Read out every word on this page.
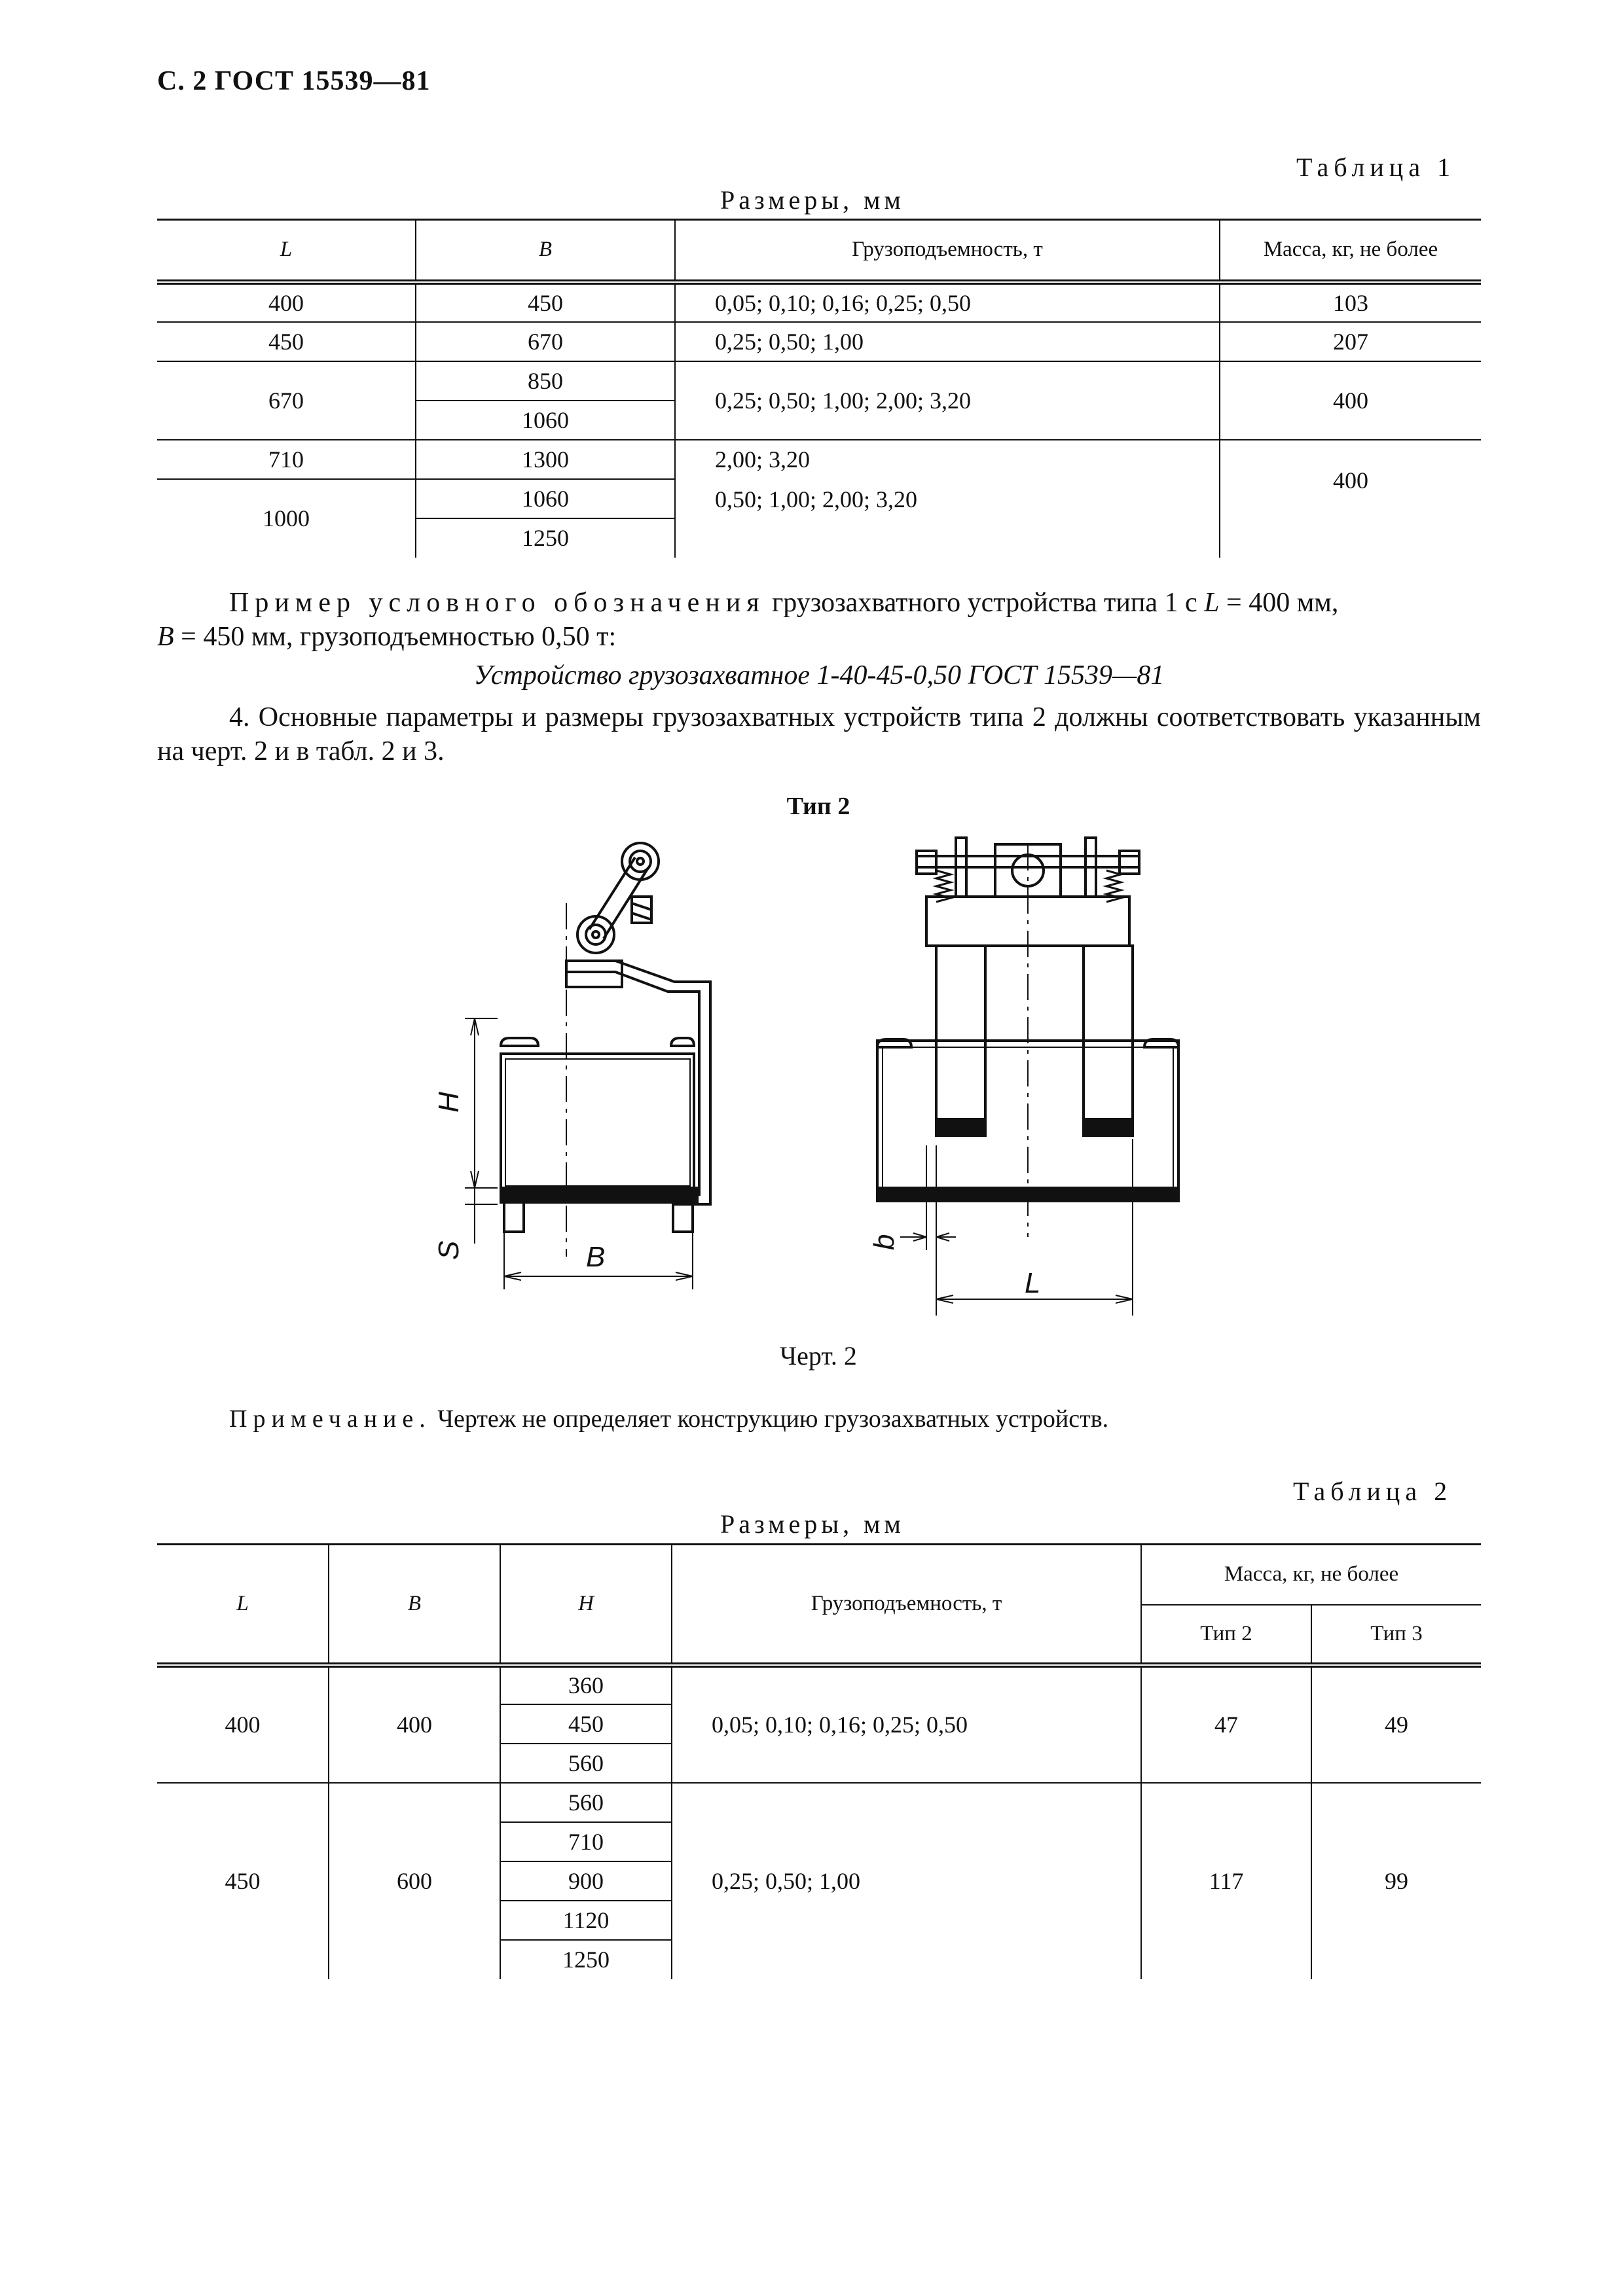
С. 2 ГОСТ 15539—81
Таблица 1
Размеры, мм
L	B	Грузоподъемность, т	Масса, кг, не более
400	450	0,05; 0,10; 0,16; 0,25; 0,50	103
450	670	0,25; 0,50; 1,00	207
670	850	0,25; 0,50; 1,00; 2,00; 3,20	400
	1060		
710	1300	2,00; 3,20	400
1000	1060	0,50; 1,00; 2,00; 3,20	
	1250		
Пример условного обозначения грузозахватного устройства типа 1 с L = 400 мм,
B = 450 мм, грузоподъемностью 0,50 т:
Устройство грузозахватное 1-40-45-0,50 ГОСТ 15539—81
4. Основные параметры и размеры грузозахватных устройств типа 2 должны соответствовать указанным на черт. 2 и в табл. 2 и 3.
Тип 2
H
S	B	b
L
Черт. 2
Примечание. Чертеж не определяет конструкцию грузозахватных устройств.
Таблица 2
Размеры, мм
L	B	H	Грузоподъемность, т	Масса, кг, не более	
				Тип 2	Тип 3
400	400	360	0,05; 0,10; 0,16; 0,25; 0,50	47	49
		450			
		560			
450	600	560	0,25; 0,50; 1,00	117	99
		710			
		900			
		1120			
		1250			
